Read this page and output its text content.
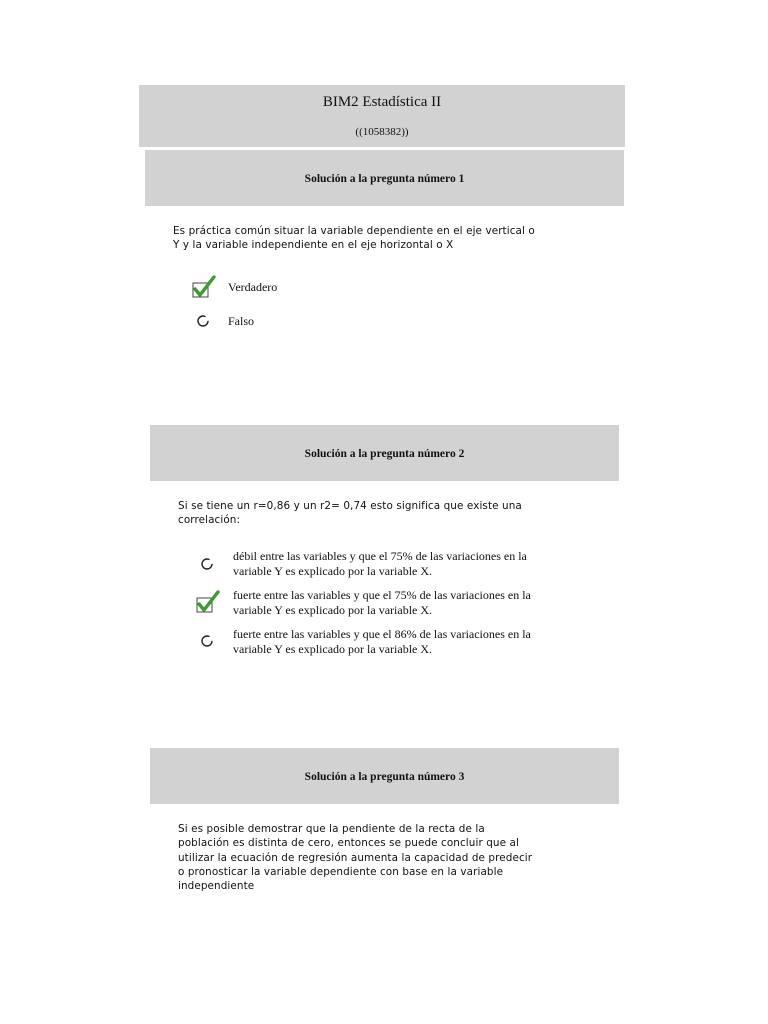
BIM2 Estadística II
((1058382))
Solución a la pregunta número 1
Es práctica común situar la variable dependiente en el eje vertical o
Y y la variable independiente en el eje horizontal o X
Verdadero
Falso
Solución a la pregunta número 2
Si se tiene un r=0,86 y un r2= 0,74 esto significa que existe una
correlación:
débil entre las variables y que el 75% de las variaciones en la
variable Y es explicado por la variable X.
fuerte entre las variables y que el 75% de las variaciones en la
variable Y es explicado por la variable X.
fuerte entre las variables y que el 86% de las variaciones en la
variable Y es explicado por la variable X.
Solución a la pregunta número 3
Si es posible demostrar que la pendiente de la recta de la
población es distinta de cero, entonces se puede concluir que al
utilizar la ecuación de regresión aumenta la capacidad de predecir
o pronosticar la variable dependiente con base en la variable
independiente
